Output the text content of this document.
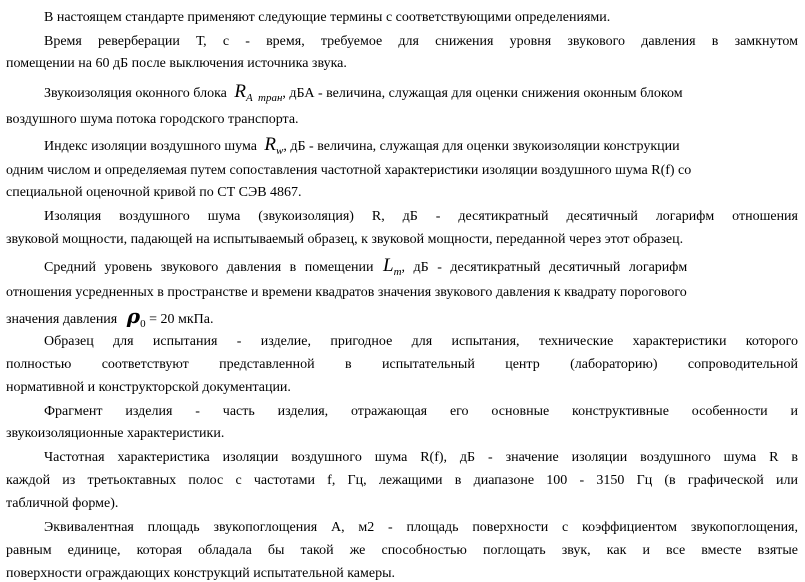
В настоящем стандарте применяют следующие термины с соответствующими определениями.
Время реверберации Т, с - время, требуемое для снижения уровня звукового давления в замкнутом
помещении на 60 дБ после выключения источника звука.
Звукоизоляция оконного блока $R_{A тран}$, дБА - величина, служащая для оценки снижения оконным блоком
воздушного шума потока городского транспорта.
Индекс изоляции воздушного шума $R_w$, дБ - величина, служащая для оценки звукоизоляции конструкции
одним числом и определяемая путем сопоставления частотной характеристики изоляции воздушного шума R(f) со
специальной оценочной кривой по СТ СЭВ 4867.
Изоляция воздушного шума (звукоизоляция) R, дБ - десятикратный десятичный логарифм отношения
звуковой мощности, падающей на испытываемый образец, к звуковой мощности, переданной через этот образец.
Средний уровень звукового давления в помещении $L_m$, дБ - десятикратный десятичный логарифм
отношения усредненных в пространстве и времени квадратов значения звукового давления к квадрату порогового
значения давления $\rho_0 = 20$ мкПа.
Образец для испытания - изделие, пригодное для испытания, технические характеристики которого
полностью соответствуют представленной в испытательный центр (лабораторию) сопроводительной
нормативной и конструкторской документации.
Фрагмент изделия - часть изделия, отражающая его основные конструктивные особенности и
звукоизоляционные характеристики.
Частотная характеристика изоляции воздушного шума R(f), дБ - значение изоляции воздушного шума R в
каждой из третьоктавных полос с частотами f, Гц, лежащими в диапазоне 100 - 3150 Гц (в графической или
табличной форме).
Эквивалентная площадь звукопоглощения А, м2 - площадь поверхности с коэффициентом звукопоглощения,
равным единице, которая обладала бы такой же способностью поглощать звук, как и все вместе взятые
поверхности ограждающих конструкций испытательной камеры.
